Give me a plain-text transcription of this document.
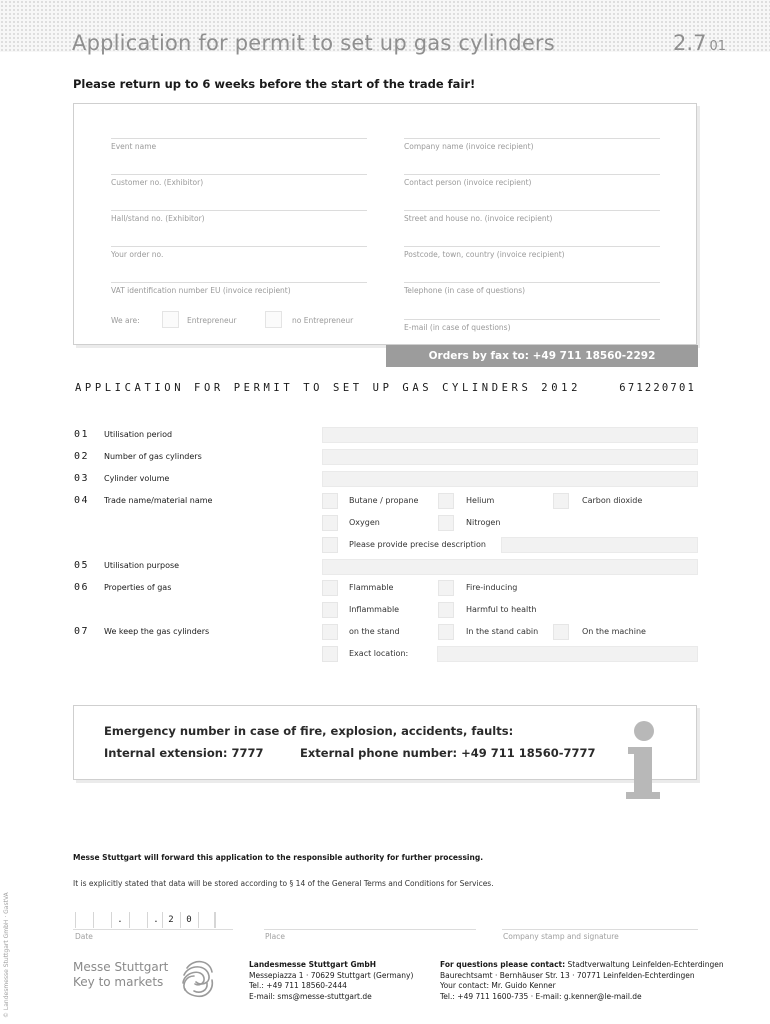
Application for permit to set up gas cylinders	2.7 01
Please return up to 6 weeks before the start of the trade fair!
Event name	Company name (invoice recipient)
Customer no. (Exhibitor)	Contact person (invoice recipient)
Hall/stand no. (Exhibitor)	Street and house no. (invoice recipient)
Your order no.	Postcode, town, country (invoice recipient)
VAT identification number EU (invoice recipient)	Telephone (in case of questions)
We are:	Entrepreneur	no Entrepreneur
E-mail (in case of questions)
Orders by fax to: +49 711 18560-2292
APPLICATION FOR PERMIT TO SET UP GAS CYLINDERS 2012	671220701
01 Utilisation period
02 Number of gas cylinders
03 Cylinder volume
04 Trade name/material name	Butane / propane	Helium	Carbon dioxide
Oxygen	Nitrogen
Please provide precise description
05 Utilisation purpose
06 Properties of gas	Flammable	Fire-inducing
Inflammable	Harmful to health
07 We keep the gas cylinders	on the stand	In the stand cabin	On the machine
Exact location:
Emergency number in case of fire, explosion, accidents, faults:
Internal extension: 7777	External phone number: +49 711 18560-7777
© Landesmesse Stuttgart GmbH · GastVA
Messe Stuttgart will forward this application to the responsible authority for further processing.
It is explicitly stated that data will be stored according to § 14 of the General Terms and Conditions for Services.
.	.	2	0
Date	Place	Company stamp and signature
Messe Stuttgart
Key to markets
Landesmesse Stuttgart GmbH
Messepiazza 1 · 70629 Stuttgart (Germany)
Tel.: +49 711 18560-2444
E-mail: sms@messe-stuttgart.de
For questions please contact: Stadtverwaltung Leinfelden-Echterdingen
Baurechtsamt · Bernhäuser Str. 13 · 70771 Leinfelden-Echterdingen
Your contact: Mr. Guido Kenner
Tel.: +49 711 1600-735 · E-mail: g.kenner@le-mail.de
